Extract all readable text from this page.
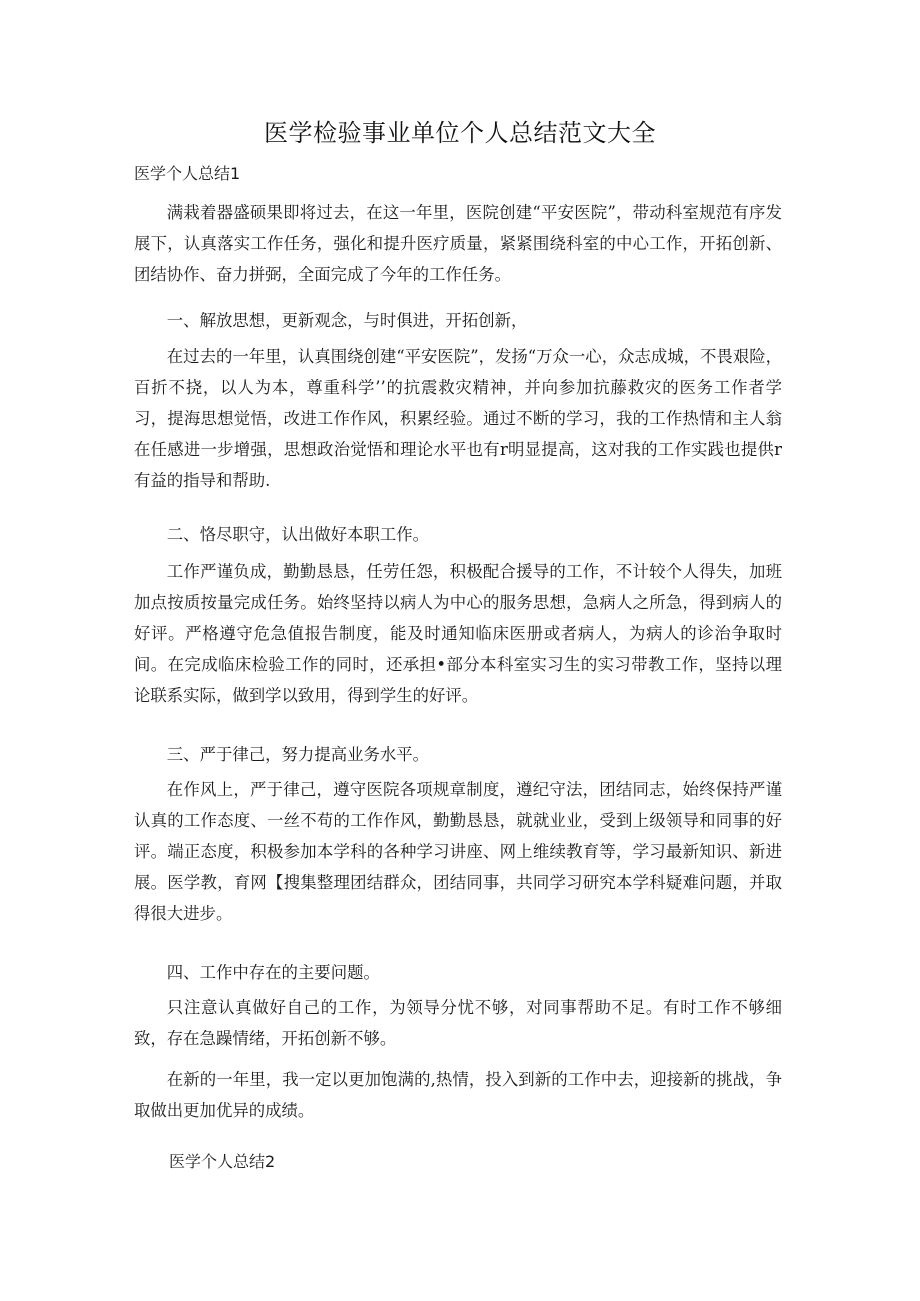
医学检验事业单位个人总结范文大全
医学个人总结1
满栽着器盛硕果即将过去，在这一年里，医院创建“平安医院”，带动科室规范有序发展下，认真落实工作任务，强化和提升医疗质量，紧紧围绕科室的中心工作，开拓创新、团结协作、奋力拼弼，全面完成了今年的工作任务。
一、解放思想，更新观念，与时俱进，开拓创新，
在过去的一年里，认真围绕创建“平安医院”，发扬“万众一心，众志成城，不畏艰险，百折不挠，以人为本，尊重科学’’的抗震救灾精神，并向参加抗藤救灾的医务工作者学习，提海思想觉悟，改进工作作风，积累经验。通过不断的学习，我的工作热情和主人翁在任感进一步增强，思想政治觉悟和理论水平也有r明显提高，这对我的工作实践也提供r有益的指导和帮助.
二、恪尽职守，认出做好本职工作。
工作严谨负成，勤勤恳恳，任劳任怨，积极配合援导的工作，不计较个人得失，加班加点按质按量完成任务。始终坚持以病人为中心的服务思想，急病人之所急，得到病人的好评。严格遵守危急值报告制度，能及时通知临床医册或者病人，为病人的诊治争取时间。在完成临床检验工作的同时，还承担•部分本科室实习生的实习带教工作，坚持以理论联系实际，做到学以致用，得到学生的好评。
三、严于律己，努力提高业务水平。
在作风上，严于律己，遵守医院各项规章制度，遵纪守法，团结同志，始终保持严谨认真的工作态度、一丝不苟的工作作风，勤勤恳恳，就就业业，受到上级领导和同事的好评。端正态度，积极参加本学科的各种学习讲座、网上维续教育等，学习最新知识、新进展。医学教，育网【搜集整理团结群众，团结同事，共同学习研究本学科疑难问题，并取得很大进步。
四、工作中存在的主要问题。
只注意认真做好自己的工作，为领导分忧不够，对同事帮助不足。有时工作不够细致，存在急躁情绪，开拓创新不够。
在新的一年里，我一定以更加饱满的,热情，投入到新的工作中去，迎接新的挑战，争取做出更加优异的成绩。
医学个人总结2
